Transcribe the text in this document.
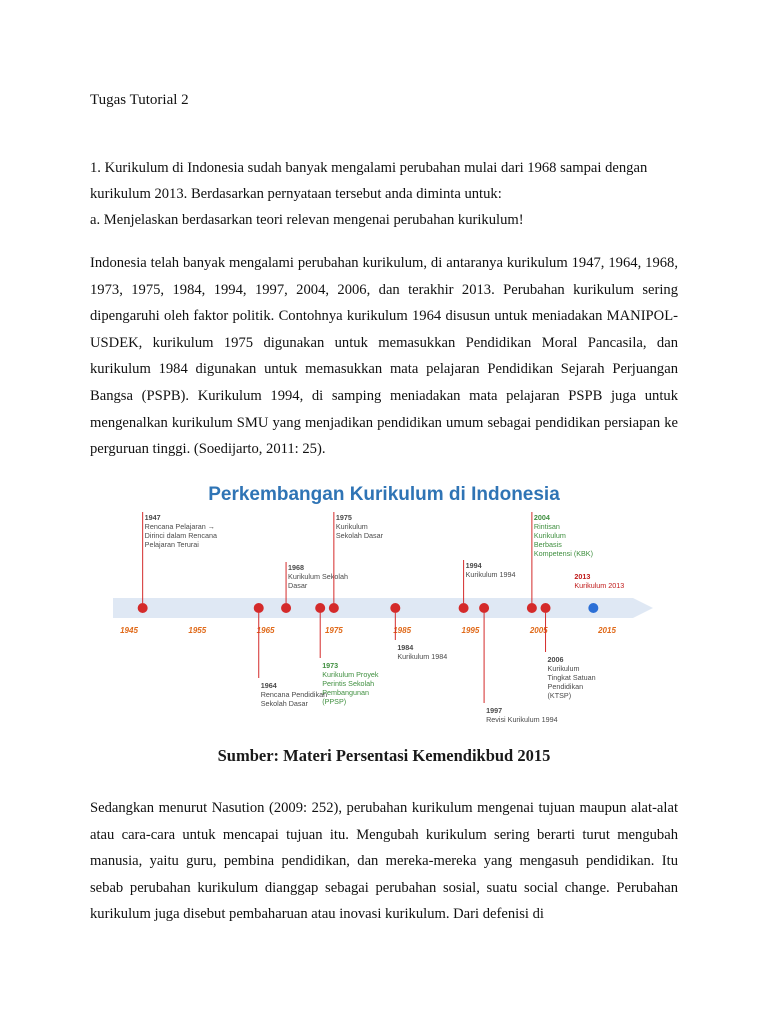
Tugas Tutorial 2
1. Kurikulum di Indonesia sudah banyak mengalami perubahan mulai dari 1968 sampai dengan
kurikulum 2013. Berdasarkan pernyataan tersebut anda diminta untuk:
a. Menjelaskan berdasarkan teori relevan mengenai perubahan kurikulum!
Indonesia telah banyak mengalami perubahan kurikulum, di antaranya kurikulum 1947, 1964, 1968, 1973, 1975, 1984, 1994, 1997, 2004, 2006, dan terakhir 2013. Perubahan kurikulum sering dipengaruhi oleh faktor politik. Contohnya kurikulum 1964 disusun untuk meniadakan MANIPOL-USDEK, kurikulum 1975 digunakan untuk memasukkan Pendidikan Moral Pancasila, dan kurikulum 1984 digunakan untuk memasukkan mata pelajaran Pendidikan Sejarah Perjuangan Bangsa (PSPB). Kurikulum 1994, di samping meniadakan mata pelajaran PSPB juga untuk mengenalkan kurikulum SMU yang menjadikan pendidikan umum sebagai pendidikan persiapan ke perguruan tinggi. (Soedijarto, 2011: 25).
Perkembangan Kurikulum di Indonesia
1945	1955	1965	1975	1985	1995	2005	2015
1947
Rencana Pelajaran →
Dirinci dalam Rencana
Pelajaran Terurai
1964
Rencana Pendidikan
Sekolah Dasar
1968
Kurikulum Sekolah
Dasar
1973
Kurikulum Proyek
Perintis Sekolah
Pembangunan
(PPSP)
1975
Kurikulum
Sekolah Dasar
1984
Kurikulum 1984
1994
Kurikulum 1994
1997
Revisi Kurikulum 1994
2004
Rintisan
Kurikulum
Berbasis
Kompetensi (KBK)
2006
Kurikulum
Tingkat Satuan
Pendidikan
(KTSP)
2013
Kurikulum 2013
Sumber: Materi Persentasi Kemendikbud 2015
Sedangkan menurut Nasution (2009: 252), perubahan kurikulum mengenai tujuan maupun alat-alat atau cara-cara untuk mencapai tujuan itu. Mengubah kurikulum sering berarti turut mengubah manusia, yaitu guru, pembina pendidikan, dan mereka-mereka yang mengasuh pendidikan. Itu sebab perubahan kurikulum dianggap sebagai perubahan sosial, suatu social change. Perubahan kurikulum juga disebut pembaharuan atau inovasi kurikulum. Dari defenisi di
